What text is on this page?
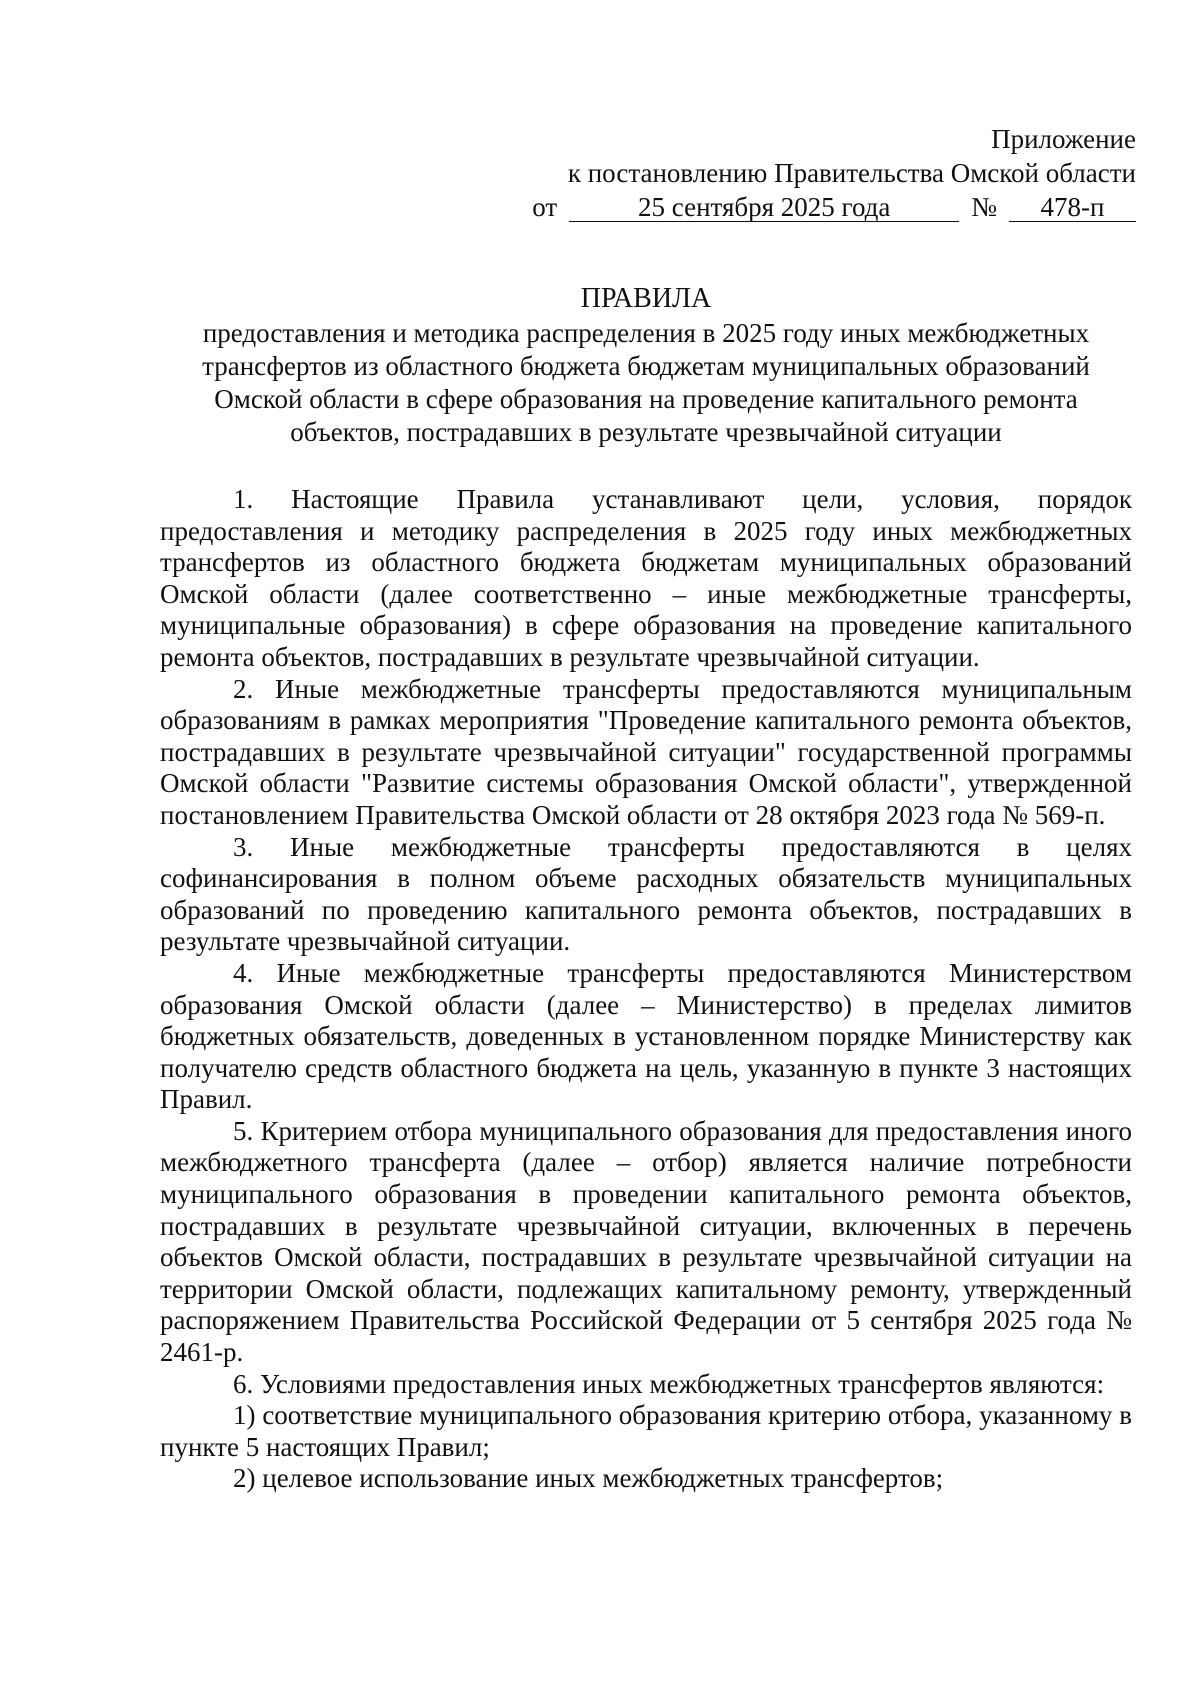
Приложение
к постановлению Правительства Омской области
от	25 сентября 2025 года	№ 478-п
ПРАВИЛА
предоставления и методика распределения в 2025 году иных межбюджетных трансфертов из областного бюджета бюджетам муниципальных образований Омской области в сфере образования на проведение капитального ремонта объектов, пострадавших в результате чрезвычайной ситуации

1. Настоящие Правила устанавливают цели, условия, порядок предоставления и методику распределения в 2025 году иных межбюджетных трансфертов из областного бюджета бюджетам муниципальных образований Омской области (далее соответственно – иные межбюджетные трансферты, муниципальные образования) в сфере образования на проведение капитального ремонта объектов, пострадавших в результате чрезвычайной ситуации.

2. Иные межбюджетные трансферты предоставляются муниципальным образованиям в рамках мероприятия "Проведение капитального ремонта объектов, пострадавших в результате чрезвычайной ситуации" государственной программы Омской области "Развитие системы образования Омской области", утвержденной постановлением Правительства Омской области от 28 октября 2023 года № 569-п.

3. Иные межбюджетные трансферты предоставляются в целях софинансирования в полном объеме расходных обязательств муниципальных образований по проведению капитального ремонта объектов, пострадавших в результате чрезвычайной ситуации.

4. Иные межбюджетные трансферты предоставляются Министерством образования Омской области (далее – Министерство) в пределах лимитов бюджетных обязательств, доведенных в установленном порядке Министерству как получателю средств областного бюджета на цель, указанную в пункте 3 настоящих Правил.

5. Критерием отбора муниципального образования для предоставления иного межбюджетного трансферта (далее – отбор) является наличие потребности муниципального образования в проведении капитального ремонта объектов, пострадавших в результате чрезвычайной ситуации, включенных в перечень объектов Омской области, пострадавших в результате чрезвычайной ситуации на территории Омской области, подлежащих капитальному ремонту, утвержденный распоряжением Правительства Российской Федерации от 5 сентября 2025 года № 2461-р.

6. Условиями предоставления иных межбюджетных трансфертов являются:

1) соответствие муниципального образования критерию отбора, указанному в пункте 5 настоящих Правил;

2) целевое использование иных межбюджетных трансфертов;
